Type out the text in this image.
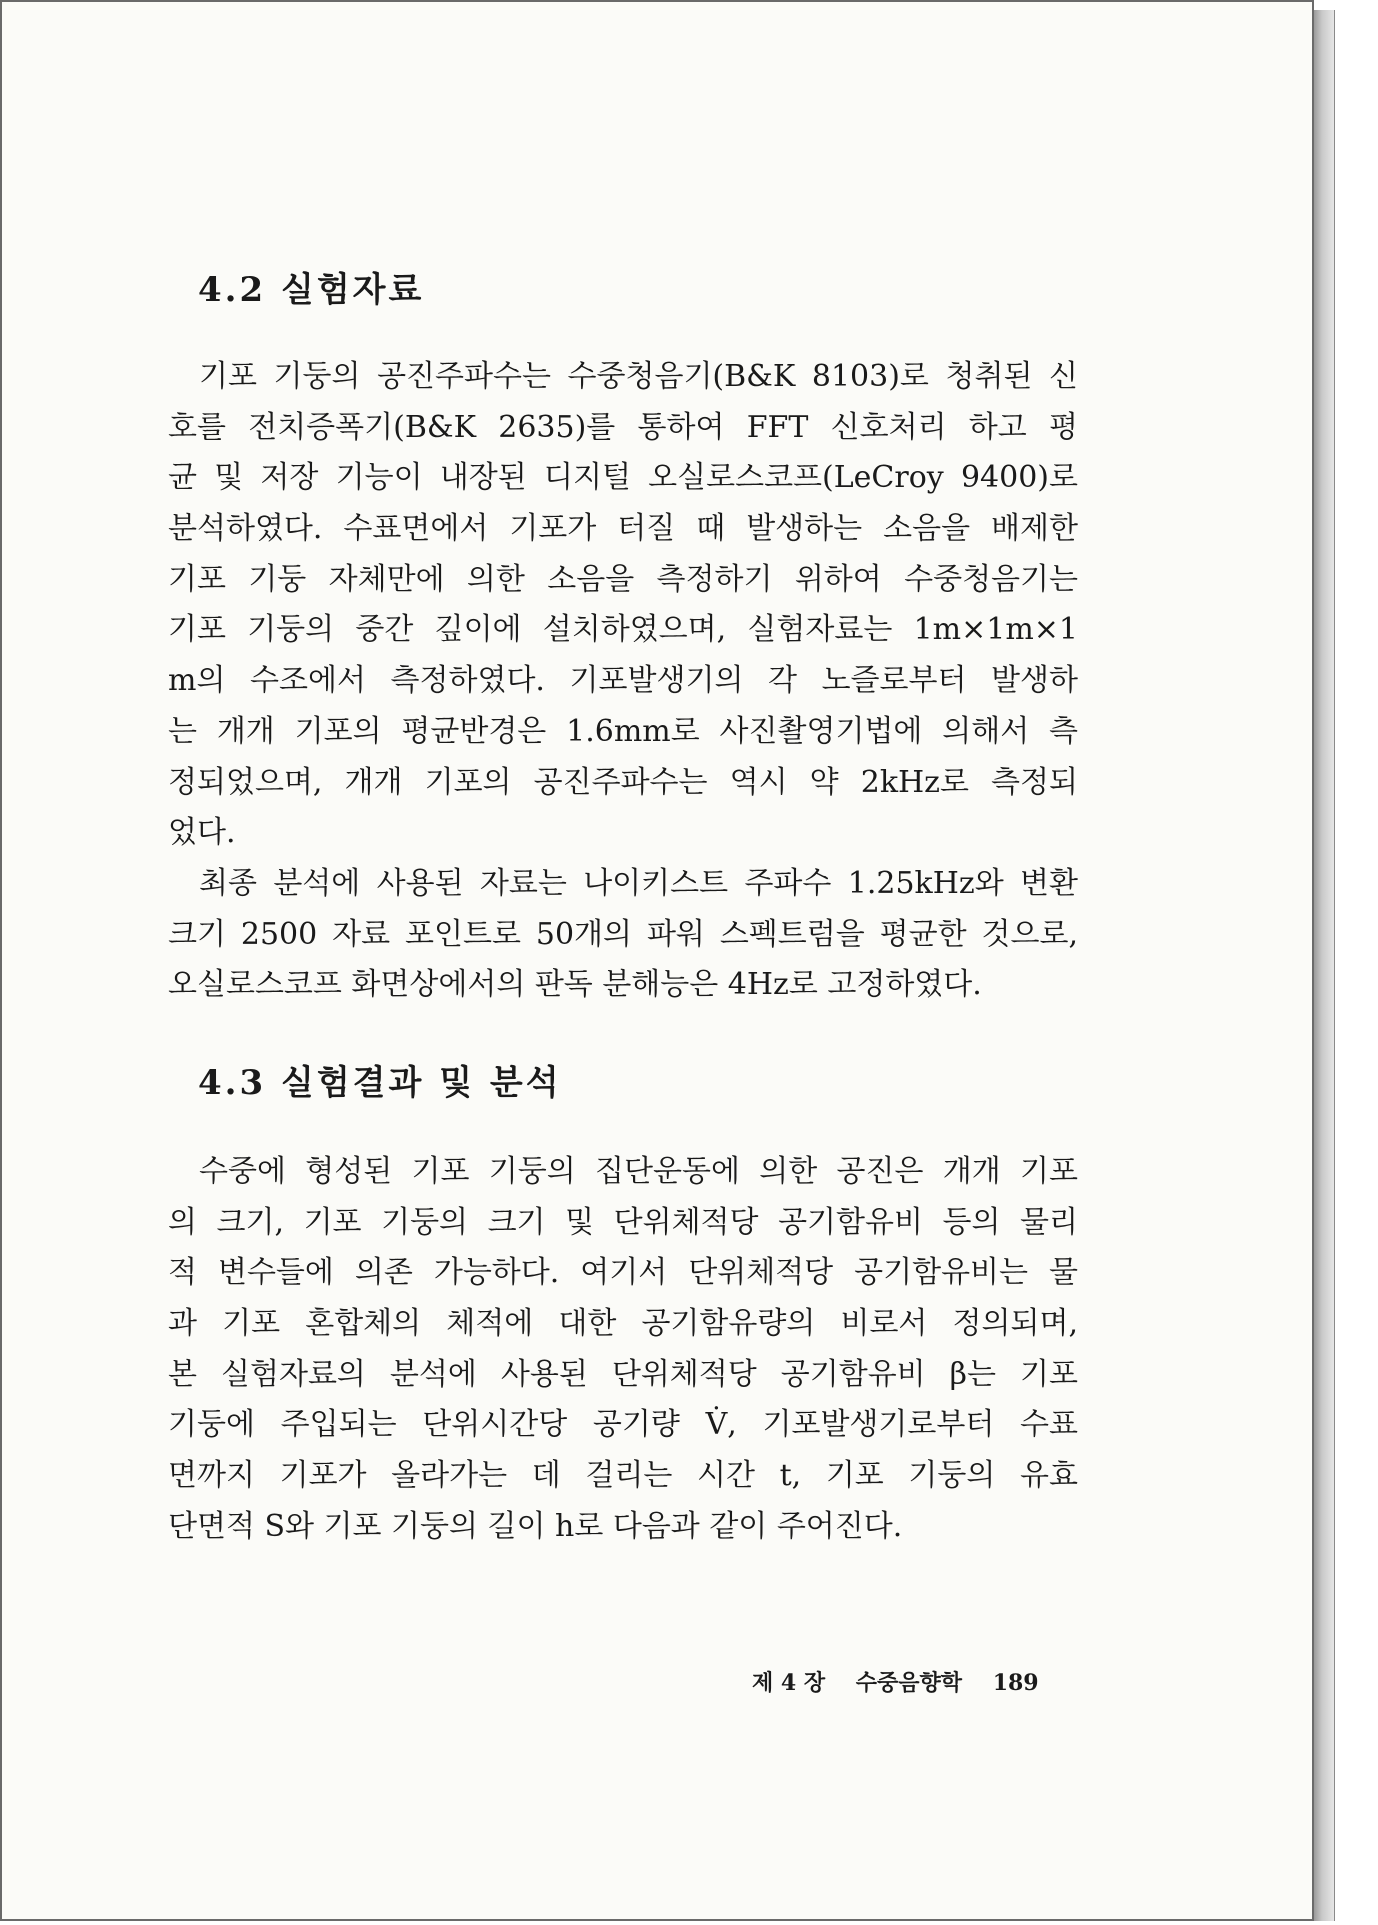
4.2 실험자료
기포 기둥의 공진주파수는 수중청음기(B&K 8103)로 청취된 신
호를 전치증폭기(B&K 2635)를 통하여 FFT 신호처리 하고 평
균 및 저장 기능이 내장된 디지털 오실로스코프(LeCroy 9400)로
분석하였다. 수표면에서 기포가 터질 때 발생하는 소음을 배제한
기포 기둥 자체만에 의한 소음을 측정하기 위하여 수중청음기는
기포 기둥의 중간 깊이에 설치하였으며, 실험자료는 1m×1m×1
m의 수조에서 측정하였다. 기포발생기의 각 노즐로부터 발생하
는 개개 기포의 평균반경은 1.6mm로 사진촬영기법에 의해서 측
정되었으며, 개개 기포의 공진주파수는 역시 약 2kHz로 측정되
었다.
최종 분석에 사용된 자료는 나이키스트 주파수 1.25kHz와 변환
크기 2500 자료 포인트로 50개의 파워 스펙트럼을 평균한 것으로,
오실로스코프 화면상에서의 판독 분해능은 4Hz로 고정하였다.
4.3 실험결과 및 분석
수중에 형성된 기포 기둥의 집단운동에 의한 공진은 개개 기포
의 크기, 기포 기둥의 크기 및 단위체적당 공기함유비 등의 물리
적 변수들에 의존 가능하다. 여기서 단위체적당 공기함유비는 물
과 기포 혼합체의 체적에 대한 공기함유량의 비로서 정의되며,
본 실험자료의 분석에 사용된 단위체적당 공기함유비 β는 기포
기둥에 주입되는 단위시간당 공기량 V̇, 기포발생기로부터 수표
면까지 기포가 올라가는 데 걸리는 시간 t, 기포 기둥의 유효
단면적 S와 기포 기둥의 길이 h로 다음과 같이 주어진다.
제 4 장 수중음향학 189
